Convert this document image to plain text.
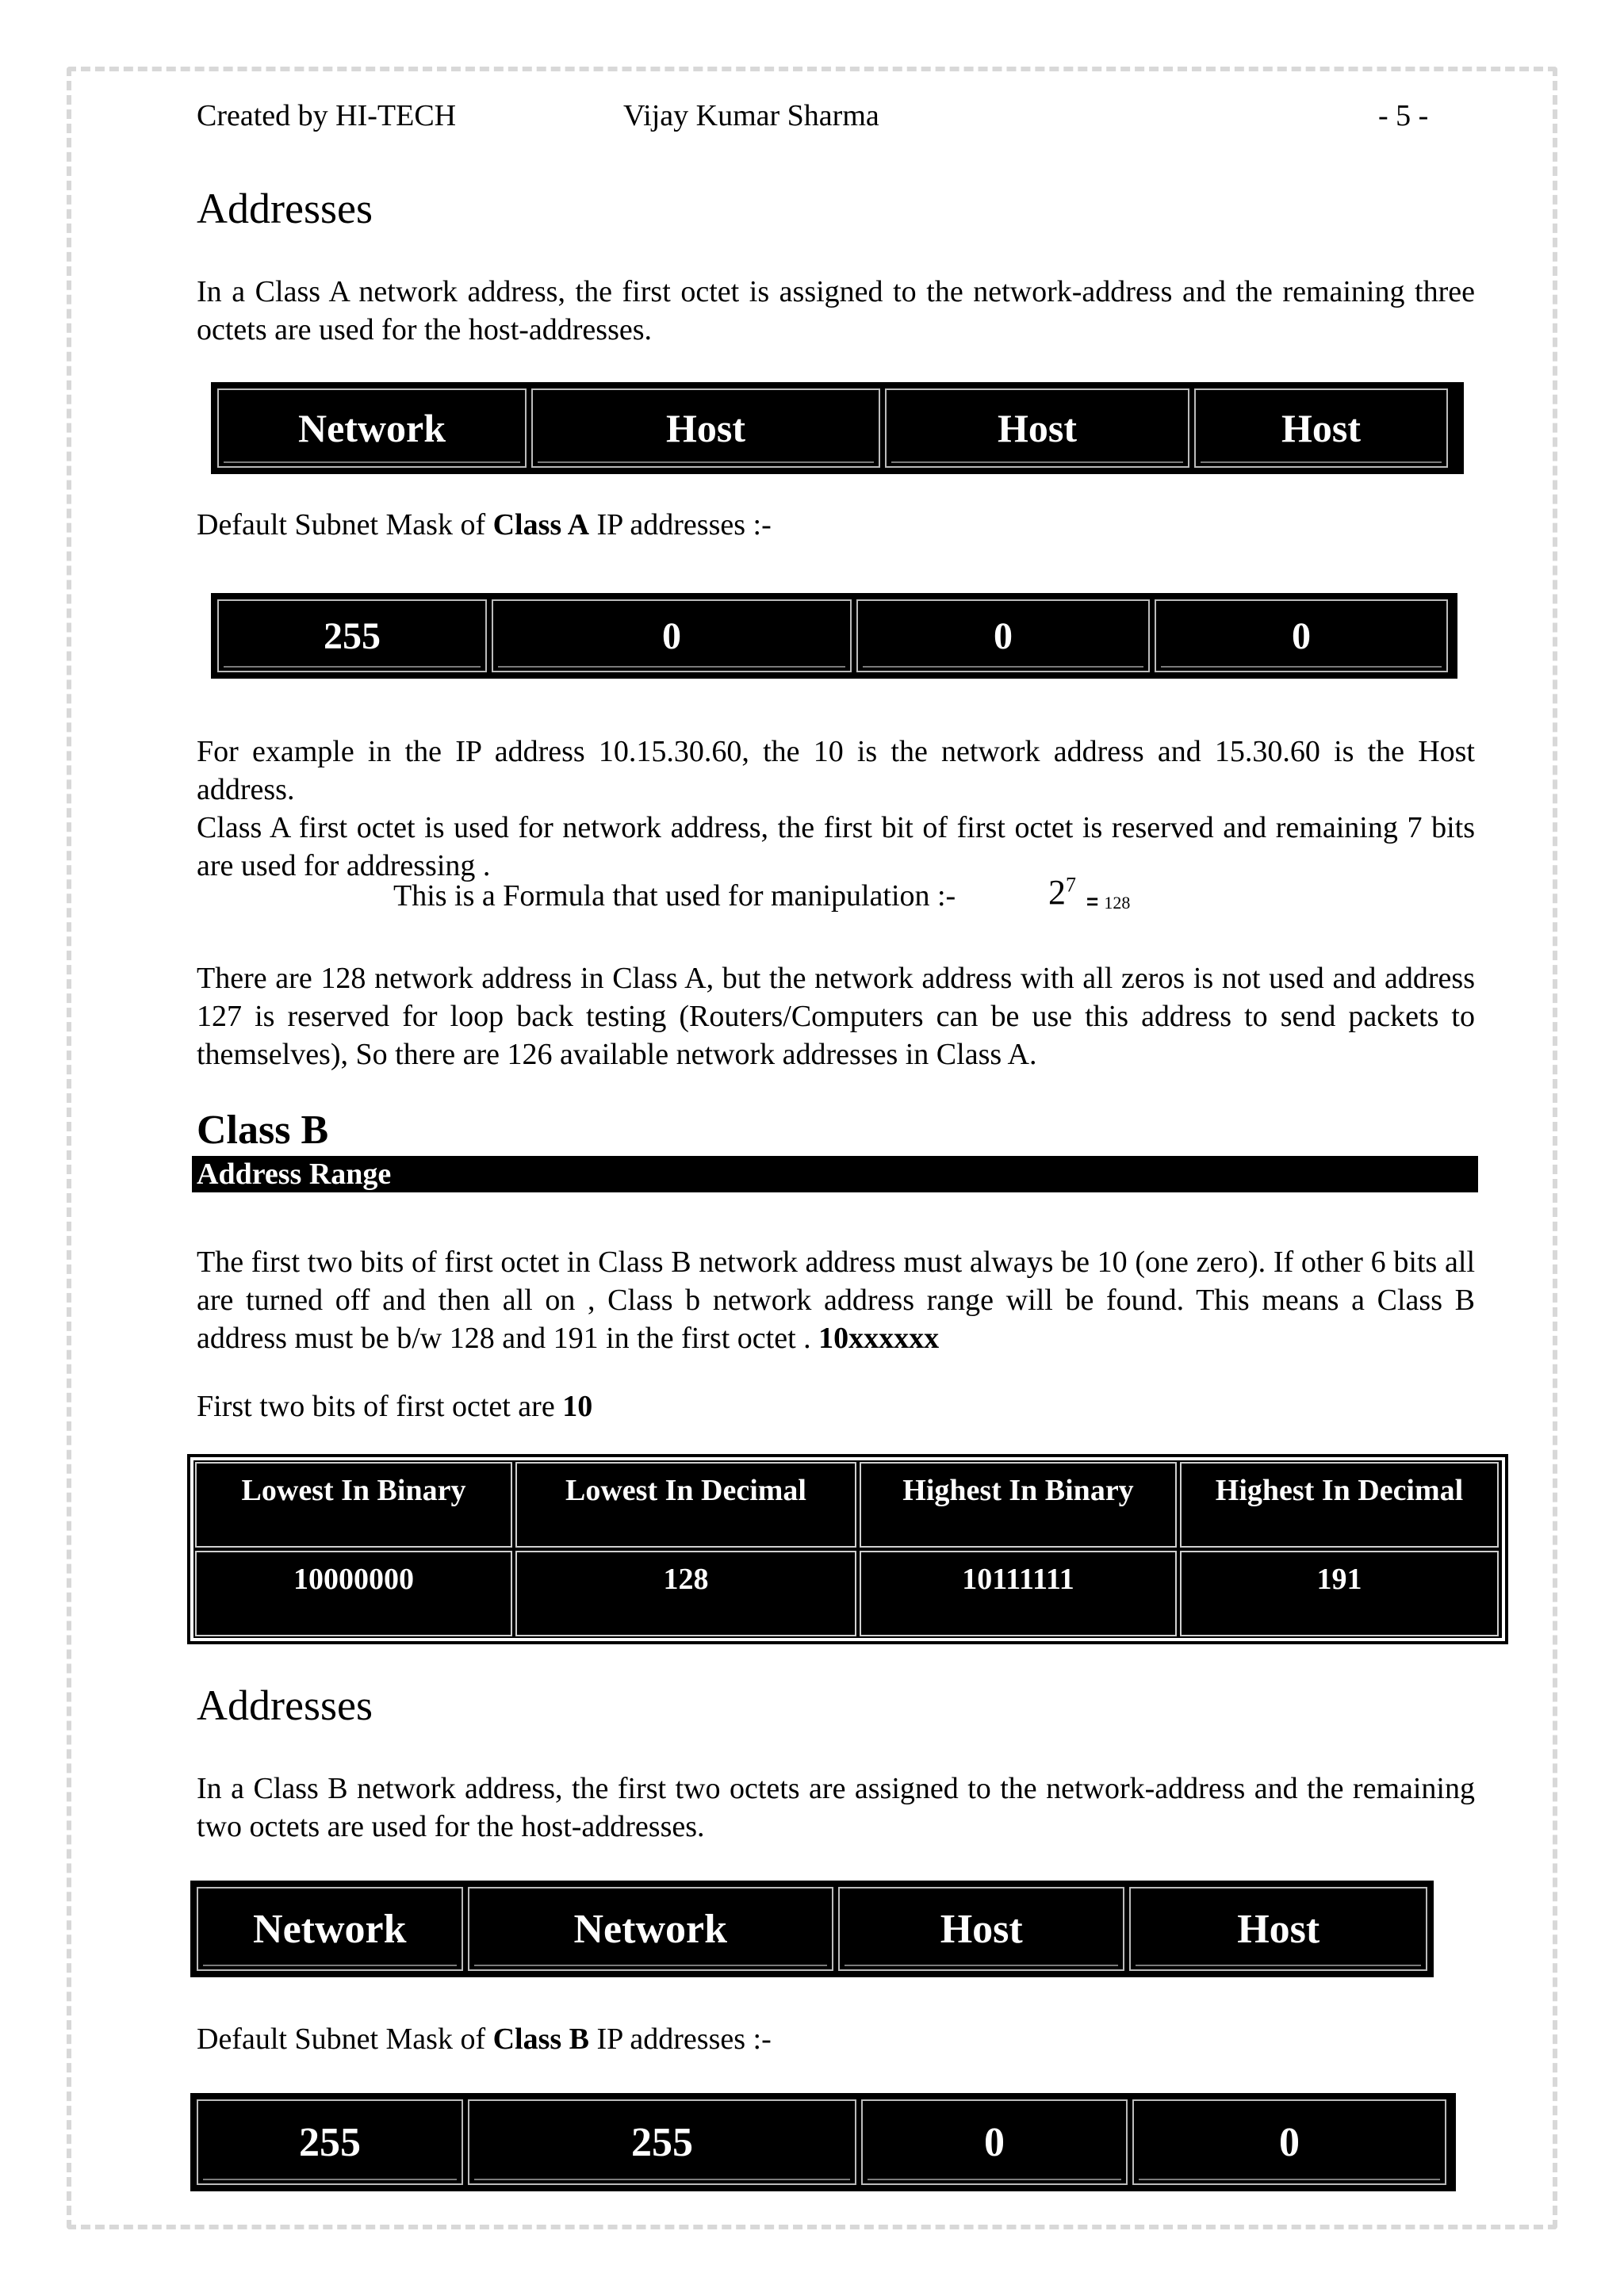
Created by HI-TECH	Vijay Kumar Sharma	- 5 -
Addresses
In a Class A network address, the first octet is assigned to the network-address and the remaining three octets are used for the host-addresses.
Network	Host	Host	Host
Default Subnet Mask of Class A IP addresses :-
255	0	0	0
For example in the IP address 10.15.30.60, the 10 is the network address and 15.30.60 is the Host address.
Class A first octet is used for network address, the first bit of first octet is reserved and remaining 7 bits are used for addressing .
This is a Formula that used for manipulation :-	$2^7$
= 128
There are 128 network address in Class A, but the network address with all zeros is not used and address 127 is reserved for loop back testing (Routers/Computers can be use this address to send packets to themselves), So there are 126 available network addresses in Class A.
Class B
Address Range
The first two bits of first octet in Class B network address must always be 10 (one zero). If other 6 bits all are turned off and then all on , Class b network address range will be found. This means a Class B address must be b/w 128 and 191 in the first octet . 10xxxxxx
First two bits of first octet are 10
Lowest In Binary	Lowest In Decimal	Highest In Binary	Highest In Decimal
10000000	128	10111111	191
Addresses
In a Class B network address, the first two octets are assigned to the network-address and the remaining two octets are used for the host-addresses.
Network	Network	Host	Host
Default Subnet Mask of Class B IP addresses :-
255	255	0	0
